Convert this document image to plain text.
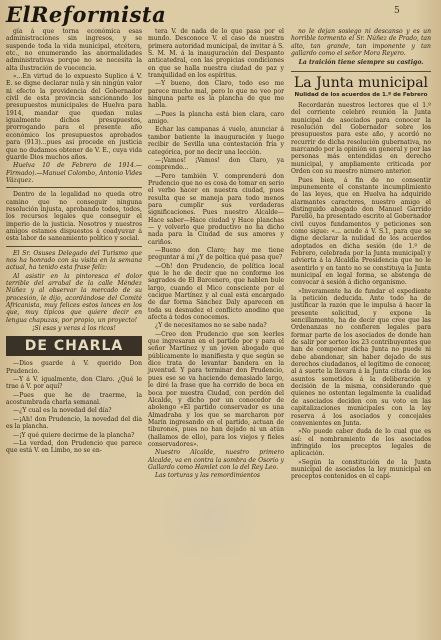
ElReformista	5

gía á que torna económica esas administraciones sin ingresos, y se suspende toda la vida municipal, etcétera, etc., no enumerando las anormalidades administrativas porque no se necesita la alta ilustración de vuecencia.

«...En virtud de lo expuesto Suplico á V. E. se digne declarar nula y sin ningún valor ni efecto la providencia del Gobernador civil de esta provincia sancionando los presupuestos municipales de Huelva para 1914, mandar que quedan nulas igualmente dichos presupuestos, prorrogando para el presente año económico los presupuestos aprobados para (913)...pues así procede en justicia que no dudamos obtener de V. E., cuya vida guarde Dios muchos años.

Huelva 10 de Febrero de 1914.— Firmado).—Manuel Colombo, Antonio Vides Vázquez.

Dentro de la legalidad no queda otro camino que no conseguir ninguna resolución injusta, aprobando todos, todos, los recursos legales que conseguir el imperio de la justicia. Nosotros y nuestros amigos estamos dispuestos á coadyuvar á esta labor de saneamiento político y social.

El Sr. Osuses Delegado del Turismo que nos ha honrado con su visita en la semana actual, ha tenido esta frase feliz:

Al asistir en la pintoresca el dolor terrible del arrabal de la calle Méndez Núñez y al observar la mercado de su procesión, le dijo, acordándose del Comité Africanista, muy felices estos lances en los que, muy típicos que quiere decir en lengua chapuzas, por propio, un proyecto!

¡Si esas y veras á los ricos!

DE CHARLA

—Dios guarde á V. querido Don Prudencio.

—Y á V. igualmente, don Claro. ¿Qué le trae á V. por aquí?

—Pues que he de traerme, la acostumbrada charla semanal.

—¿Y cual es la novedad del día?

—¡Ah! don Prudencio, la novedad del día es la plancha.

—¡Y qué quiere decirme de la plancha?

—La verdad, don Prudencio que parece que está V. en Limbo, no se en-

tera V. de nada de lo que pasa por el mundo. Desconoce V. el caso de nuestra primera autoridad municipal, de invitar á S. S. M. M. á la inauguración del Despanto anticatedral, con las propicias condiciones en que se halla nuestra ciudad de paz y tranquilidad en los espíritus.

—Y bueno, don Claro, todo eso me parece mucho mal, pero lo que no veo por ninguna parte es la plancha de que me habla.

—Pues la plancha está bien clara, caro amigo.

Echar las campanas á vuelo, anunciar á tambor batiente la inauguración y luego recibir de Sevilla una contestación fría y categórica, por no decir una lección.

—¡Vamos! ¡Vamos! don Claro, ya comprendo...

—Pero también V. comprenderá don Prudencio que no es cosa de tomar en serio el verbo hacer en nuestra ciudad, pues resulta que se maneja para todo menos para cumplir sus verdaderas significaciones. Pues nuestro Alcalde—Hace saber—Hace ciudad y Hace planchas— y volverlo que productivo no ha dicho nada para la Ciudad de sus amores y cariños.

—Bueno don Claro; hay me tiene preguntar á mí ¿Y de poltica qué pasa que?

—Oh! don Prudencio, de política local que le he de decir que no conforme los sagrados de El Barcenero, que hablen bule largo, cuando el Mico consciente por el cacique Martínez y al cual está encargado de dar forma Sánchez Daly aparecen en toda su desnudez el conflicto anodino que afecta á todos conocemos.

¿Y de necesitamos no se sabe nada?

—Creo don Prudencio que son leerles que ingresaran en el partido por y para el señor Martínez y un joven abogado que públicamente lo manifiesta y que según se dice trata de levantar bandera en la juventud. Y para terminar don Prudencio, pues ese se va haciendo demasiado largo, le diré la frase que ha corrido de boca en boca por nuestra Ciudad, con perdón del Alcalde, y dicho por un conocedor de abolengo «El partido conservador es una Almadraba y los que se marcharon por Marín ingresando en el partido, actuan de tiburones, pues no han dejado ni un atún (hallamos de ello), para los viejos y fieles conservadores».

Nuestro Alcalde, nuestro primero Alcalde, va en contra la sombra de Osorio y Gallardo como Hamlet con la del Rey Leo.

Las torturas y las remordimientos

no le dejan sosiego ni descanso y es un horrible tormento el Sr. Núñez de Prado, tan alto, tan grande, tan imponente y tan gallardo como el señor Mora Reyero.

La traición tiene siempre su castigo.

La Junta municipal
Nulidad de los acuerdos de 1.º de Febrero

Recordarán nuestros lectores que el 1.º del corriente celebró reunión la Junta municipal de asociados para conocer la resolución del Gobernador sobre los presupuestos para este año, y acordó no recurrir de dicha resolución gubernativa, no marcando por la opinión en general y por las personas más entendidas en derecho municipal, y ampliamente criticada por Orden con su nuestro número anterior.

Pues bien, á fin de no consentir impunemente el constante incumplimiento de las leyes, que en Huelva ha adquirido alarmantes caracteres, nuestro amigo el distinguido abogado don Manuel Garrido Parelló, ha presentado escrito al Gobernador civil cuyos fundamentos y peticiones son como sigue: «... acude á V. S.1, para que se digne declarar la nulidad de los acuerdos adoptados en dicha sesión (de 1.º de Febrero, celebrada por la Junta municipal) y advierta á la Alcaldía Presidencia que no le asentirlo y en tanto no se constituya la Junta municipal en legal forma, se abstenga de convocar á sesión á dicho organismo.

»Inveramente ha de fundar el expediente la petición deducida. Ante todo ha de justificar la razón que le impulsa á hacer la presente solicitud, y expone la sencillamente, ha de decir que cree que las Ordenanzas no confieren legales para formar parte de los asociados de donde han de salir por sorteo los 23 contribuyentes que han de componer dicha Junta no puede ni debe abandonar, sin haber dejado de sus derechos ciudadanos, el legítimo de conocer, al á suerte la llevara á la Junta citada de los asuntos sometidos á la deliberación y decisión de la misma, considerando que quienes no ostentan legalmente la cualidad de asociados deciden con su voto en las capitalizaciones municipales con la ley reserva á los asociados y concejales convenientes en Junta.

»No puede caber duda de lo cual que es así: el nombramiento de los asociados infringido los preceptos legales de aplicación.

»Según la constitución de la Junta municipal de asociados la ley municipal en preceptos contenidos en el capí-
